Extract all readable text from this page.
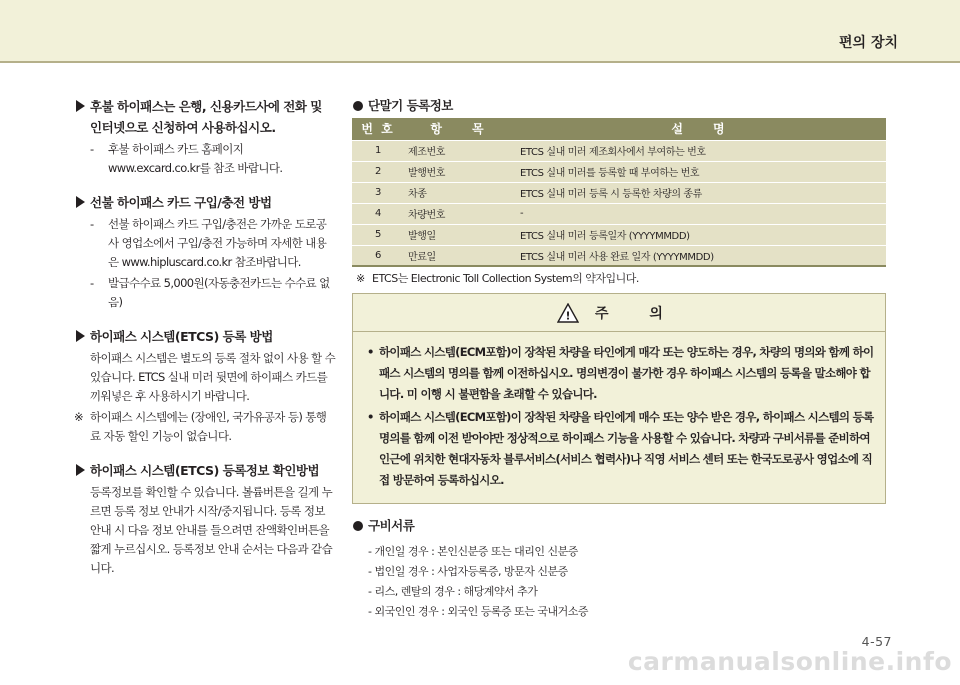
편의 장치
후불 하이패스는 은행, 신용카드사에 전화 및 인터넷으로 신청하여 사용하십시오.
- 후불 하이패스 카드 홈페이지 www.excard.co.kr를 참조 바랍니다.
선불 하이패스 카드 구입/충전 방법
- 선불 하이패스 카드 구입/충전은 가까운 도로공사 영업소에서 구입/충전 가능하며 자세한 내용은 www.hipluscard.co.kr 참조바랍니다.
- 발급수수료 5,000원(자동충전카드는 수수료 없음)
하이패스 시스템(ETCS) 등록 방법
하이패스 시스템은 별도의 등록 절차 없이 사용 할 수 있습니다. ETCS 실내 미러 뒷면에 하이패스 카드를 끼워넣은 후 사용하시기 바랍니다.
※ 하이패스 시스템에는 (장애인, 국가유공자 등) 통행료 자동 할인 기능이 없습니다.
하이패스 시스템(ETCS) 등록정보 확인방법
등록정보를 확인할 수 있습니다. 볼륨버튼을 길게 누르면 등록 정보 안내가 시작/중지됩니다. 등록 정보 안내 시 다음 정보 안내를 들으려면 잔액확인버튼을 짧게 누르십시오. 등록정보 안내 순서는 다음과 같습니다.
단말기 등록정보
번 호	항　　목	설　　명
1	제조번호	ETCS 실내 미러 제조회사에서 부여하는 번호
2	발행번호	ETCS 실내 미러를 등록할 때 부여하는 번호
3	차종	ETCS 실내 미러 등록 시 등록한 차량의 종류
4	차량번호	-
5	발행일	ETCS 실내 미러 등록일자 (YYYYMMDD)
6	만료일	ETCS 실내 미러 사용 완료 일자 (YYYYMMDD)
※ ETCS는 Electronic Toll Collection System의 약자입니다.
! 주 의
• 하이패스 시스템(ECM포함)이 장착된 차량을 타인에게 매각 또는 양도하는 경우, 차량의 명의와 함께 하이패스 시스템의 명의를 함께 이전하십시오. 명의변경이 불가한 경우 하이패스 시스템의 등록을 말소해야 합니다. 미 이행 시 불편함을 초래할 수 있습니다.
• 하이패스 시스템(ECM포함)이 장착된 차량을 타인에게 매수 또는 양수 받은 경우, 하이패스 시스템의 등록명의를 함께 이전 받아야만 정상적으로 하이패스 기능을 사용할 수 있습니다. 차량과 구비서류를 준비하여 인근에 위치한 현대자동차 블루서비스(서비스 협력사)나 직영 서비스 센터 또는 한국도로공사 영업소에 직접 방문하여 등록하십시오.
구비서류
- 개인일 경우 : 본인신분증 또는 대리인 신분증
- 법인일 경우 : 사업자등록증, 방문자 신분증
- 리스, 렌탈의 경우 : 해당계약서 추가
- 외국인인 경우 : 외국인 등록증 또는 국내거소증
4-57
carmanualsonline.info
